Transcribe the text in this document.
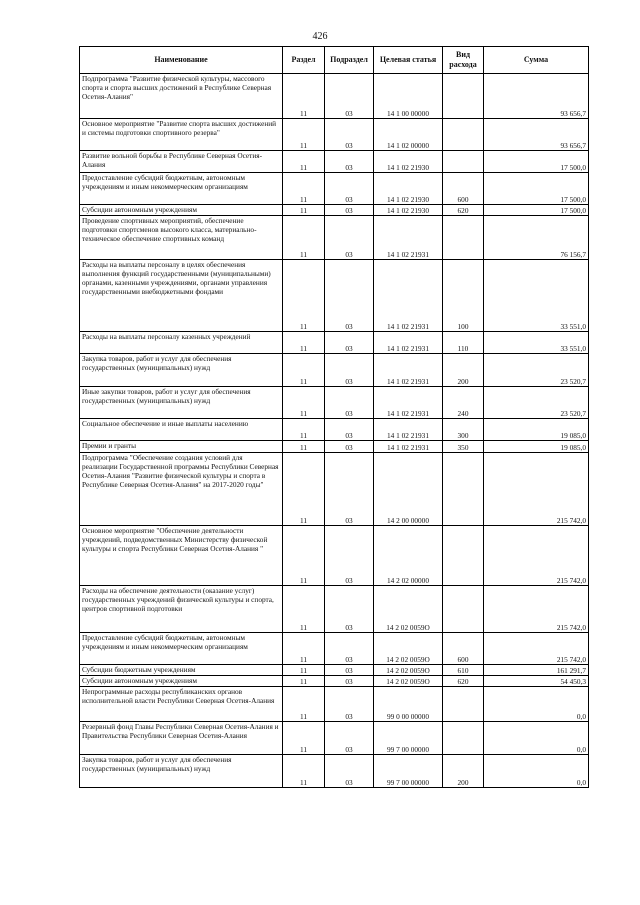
426
Наименование	Раздел	Подраздел	Целевая статья	Вид расхода	Сумма
Подпрограмма "Развитие физической культуры, массового спорта и спорта высших достижений в Республике Северная Осетия-Алания"	11	03	14 1 00 00000		93 656,7
Основное мероприятие "Развитие спорта высших достижений и системы подготовки спортивного резерва"	11	03	14 1 02 00000		93 656,7
Развитие вольной борьбы в Республике Северная Осетия-Алания	11	03	14 1 02 21930		17 500,0
Предоставление субсидий бюджетным, автономным учреждениям и иным некоммерческим организациям	11	03	14 1 02 21930	600	17 500,0
Субсидии автономным учреждениям	11	03	14 1 02 21930	620	17 500,0
Проведение спортивных мероприятий, обеспечение подготовки спортсменов высокого класса, материально-техническое обеспечение спортивных команд	11	03	14 1 02 21931		76 156,7
Расходы на выплаты персоналу в целях обеспечения выполнения функций государственными (муниципальными) органами, казенными учреждениями, органами управления государственными внебюджетными фондами	11	03	14 1 02 21931	100	33 551,0
Расходы на выплаты персоналу казенных учреждений	11	03	14 1 02 21931	110	33 551,0
Закупка товаров, работ и услуг для обеспечения государственных (муниципальных) нужд	11	03	14 1 02 21931	200	23 520,7
Иные закупки товаров, работ и услуг для обеспечения государственных (муниципальных) нужд	11	03	14 1 02 21931	240	23 520,7
Социальное обеспечение и иные выплаты населению	11	03	14 1 02 21931	300	19 085,0
Премии и гранты	11	03	14 1 02 21931	350	19 085,0
Подпрограмма "Обеспечение создания условий для реализации Государственной программы Республики Северная Осетия-Алания "Развитие физической культуры и спорта в Республике Северная Осетия-Алания" на 2017-2020 годы"	11	03	14 2 00 00000		215 742,0
Основное мероприятие "Обеспечение деятельности учреждений, подведомственных Министерству физической культуры и спорта Республики Северная Осетия-Алания "	11	03	14 2 02 00000		215 742,0
Расходы на обеспечение деятельности (оказание услуг) государственных учреждений физической культуры и спорта, центров спортивной подготовки	11	03	14 2 02 0059О		215 742,0
Предоставление субсидий бюджетным, автономным учреждениям и иным некоммерческим организациям	11	03	14 2 02 0059О	600	215 742,0
Субсидии бюджетным учреждениям	11	03	14 2 02 0059О	610	161 291,7
Субсидии автономным учреждениям	11	03	14 2 02 0059О	620	54 450,3
Непрограммные расходы республиканских органов исполнительной власти Республики Северная Осетия-Алания	11	03	99 0 00 00000		0,0
Резервный фонд Главы Республики Северная Осетия-Алания и Правительства Республики Северная Осетия-Алания	11	03	99 7 00 00000		0,0
Закупка товаров, работ и услуг для обеспечения государственных (муниципальных) нужд	11	03	99 7 00 00000	200	0,0
